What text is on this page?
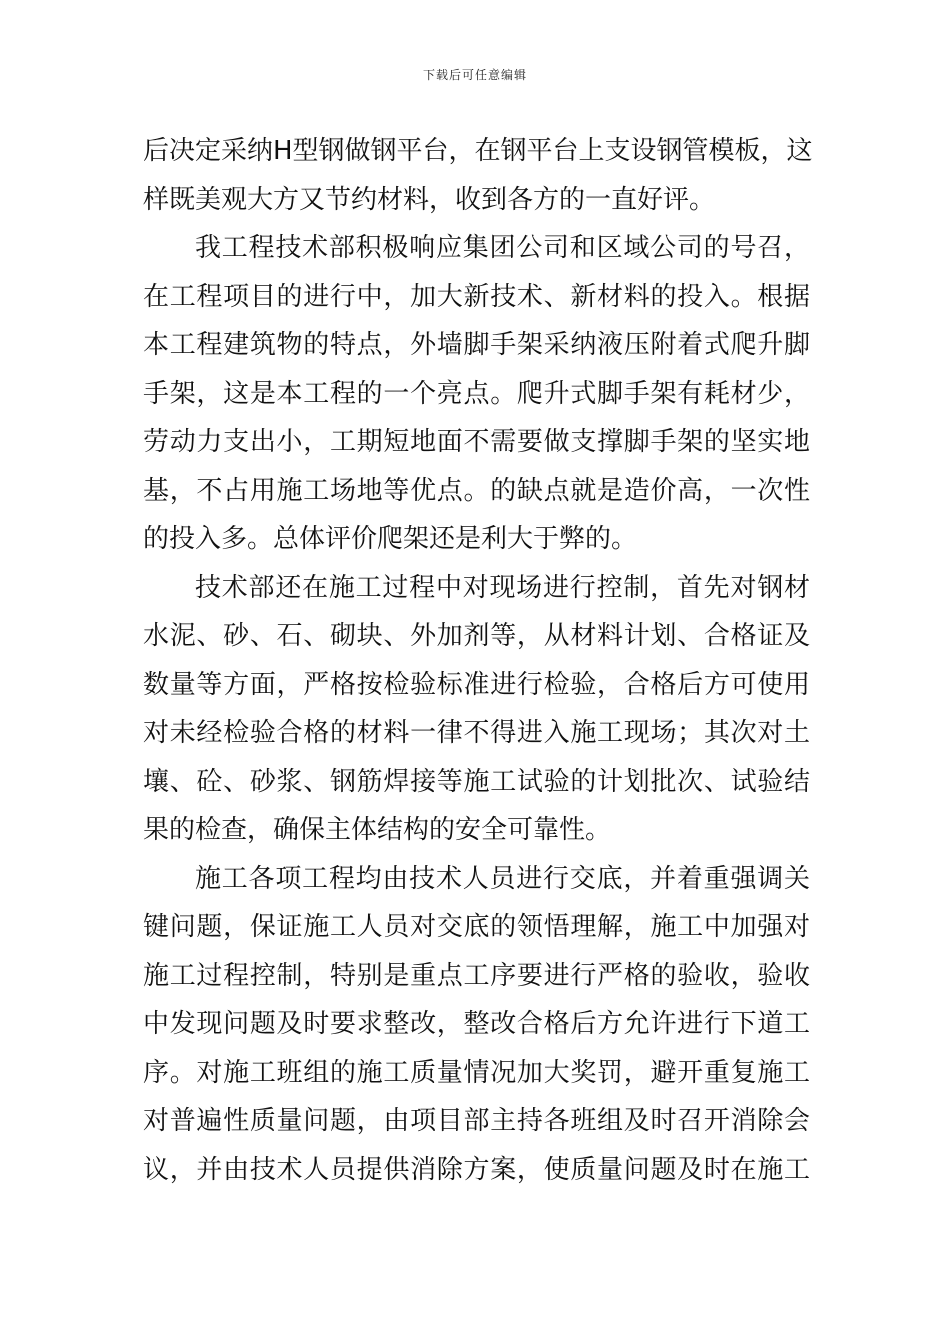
下载后可任意编辑
后决定采纳H型钢做钢平台，在钢平台上支设钢管模板，这
样既美观大方又节约材料，收到各方的一直好评。
我工程技术部积极响应集团公司和区域公司的号召，
在工程项目的进行中，加大新技术、新材料的投入。根据
本工程建筑物的特点，外墙脚手架采纳液压附着式爬升脚
手架，这是本工程的一个亮点。爬升式脚手架有耗材少，
劳动力支出小，工期短地面不需要做支撑脚手架的坚实地
基，不占用施工场地等优点。的缺点就是造价高，一次性
的投入多。总体评价爬架还是利大于弊的。
技术部还在施工过程中对现场进行控制，首先对钢材
水泥、砂、石、砌块、外加剂等，从材料计划、合格证及
数量等方面，严格按检验标准进行检验，合格后方可使用
对未经检验合格的材料一律不得进入施工现场；其次对土
壤、砼、砂浆、钢筋焊接等施工试验的计划批次、试验结
果的检查，确保主体结构的安全可靠性。
施工各项工程均由技术人员进行交底，并着重强调关
键问题，保证施工人员对交底的领悟理解，施工中加强对
施工过程控制，特别是重点工序要进行严格的验收，验收
中发现问题及时要求整改，整改合格后方允许进行下道工
序。对施工班组的施工质量情况加大奖罚，避开重复施工
对普遍性质量问题，由项目部主持各班组及时召开消除会
议，并由技术人员提供消除方案，使质量问题及时在施工
